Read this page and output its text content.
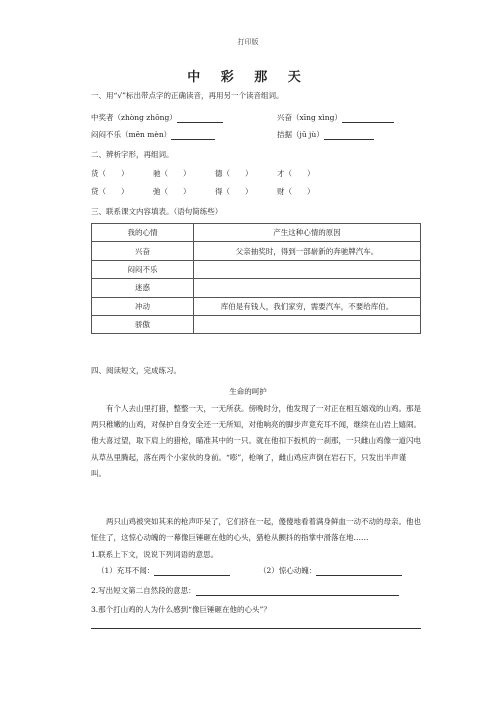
打印版
中 彩 那 天
一、用“√”标出带点字的正确读音，再用另一个读音组词。
中奖者（zhòng zhōng）	兴奋（xīng xìng）
闷闷不乐（mēn mèn）	拮据（jū jù）
二、辨析字形，再组词。
货（　　）	驰（　　）	德（　　）	才（　　）
贷（　　）	弛（　　）	得（　　）	财（　　）
三、联系课文内容填表。（语句简练些）
我的心情	产生这种心情的原因
兴奋	父亲抽奖时，得到一部崭新的奔驰牌汽车。
闷闷不乐	
迷惑	
冲动	库伯是有钱人，我们家穷，需要汽车，不要给库伯。
骄傲	
四、阅读短文，完成练习。
生命的呵护
有个人去山里打猎，整整一天，一无所获。傍晚时分，他发现了一对正在相互嬉戏的山鸡。那是两只稚嫩的山鸡，对保护自身安全还一无所知，对他响亮的脚步声竟充耳不闻，继续在山岩上嬉闹。他大喜过望，取下肩上的猎枪，瞄准其中的一只。就在他扣下扳机的一刹那，一只雌山鸡像一道闪电从草丛里腾起，落在两个小家伙的身前。“嘭”，枪响了，雌山鸡应声倒在岩石下，只发出半声谨叫。
两只山鸡被突如其来的枪声吓呆了，它们挤在一起，傻傻地看着满身鲜血一动不动的母亲。他也怔住了，这惊心动魄的一幕像巨锤砸在他的心头，猎枪从颤抖的指掌中滑落在地……
1.联系上下文，说说下列词语的意思。
（1）充耳不闻：	（2）惊心动魄：
2.写出短文第二自然段的意思：
3.那个打山鸡的人为什么感到“像巨锤砸在他的心头”？
